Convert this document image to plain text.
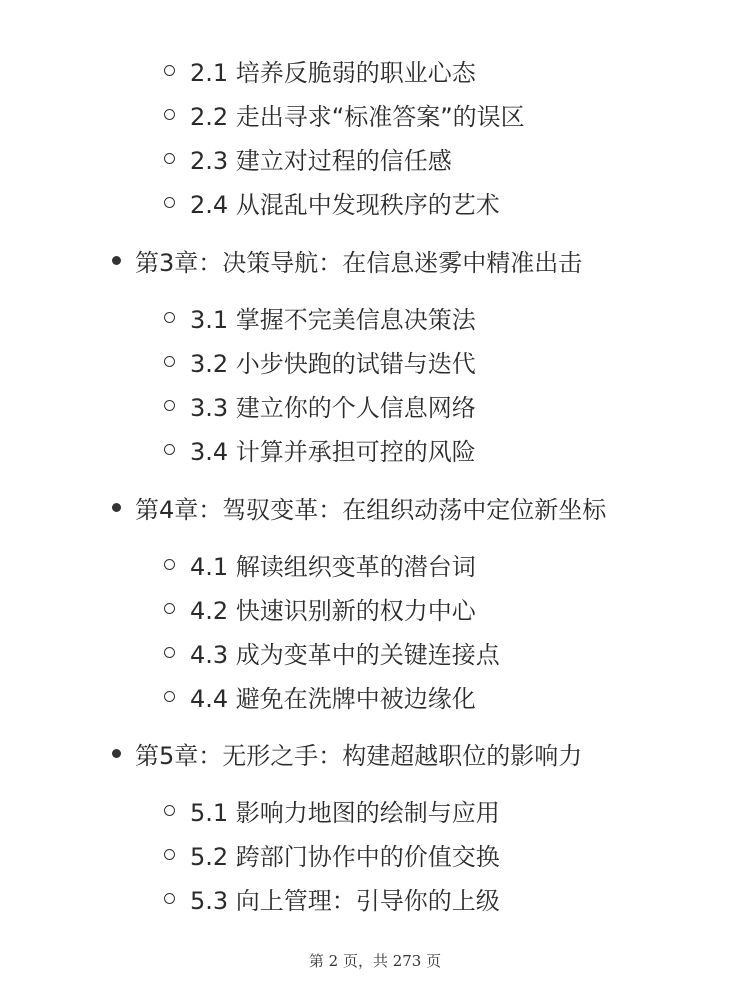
2.1 培养反脆弱的职业心态
2.2 走出寻求“标准答案”的误区
2.3 建立对过程的信任感
2.4 从混乱中发现秩序的艺术
第3章：决策导航：在信息迷雾中精准出击
3.1 掌握不完美信息决策法
3.2 小步快跑的试错与迭代
3.3 建立你的个人信息网络
3.4 计算并承担可控的风险
第4章：驾驭变革：在组织动荡中定位新坐标
4.1 解读组织变革的潜台词
4.2 快速识别新的权力中心
4.3 成为变革中的关键连接点
4.4 避免在洗牌中被边缘化
第5章：无形之手：构建超越职位的影响力
5.1 影响力地图的绘制与应用
5.2 跨部门协作中的价值交换
5.3 向上管理：引导你的上级
第 2 页，共 273 页
